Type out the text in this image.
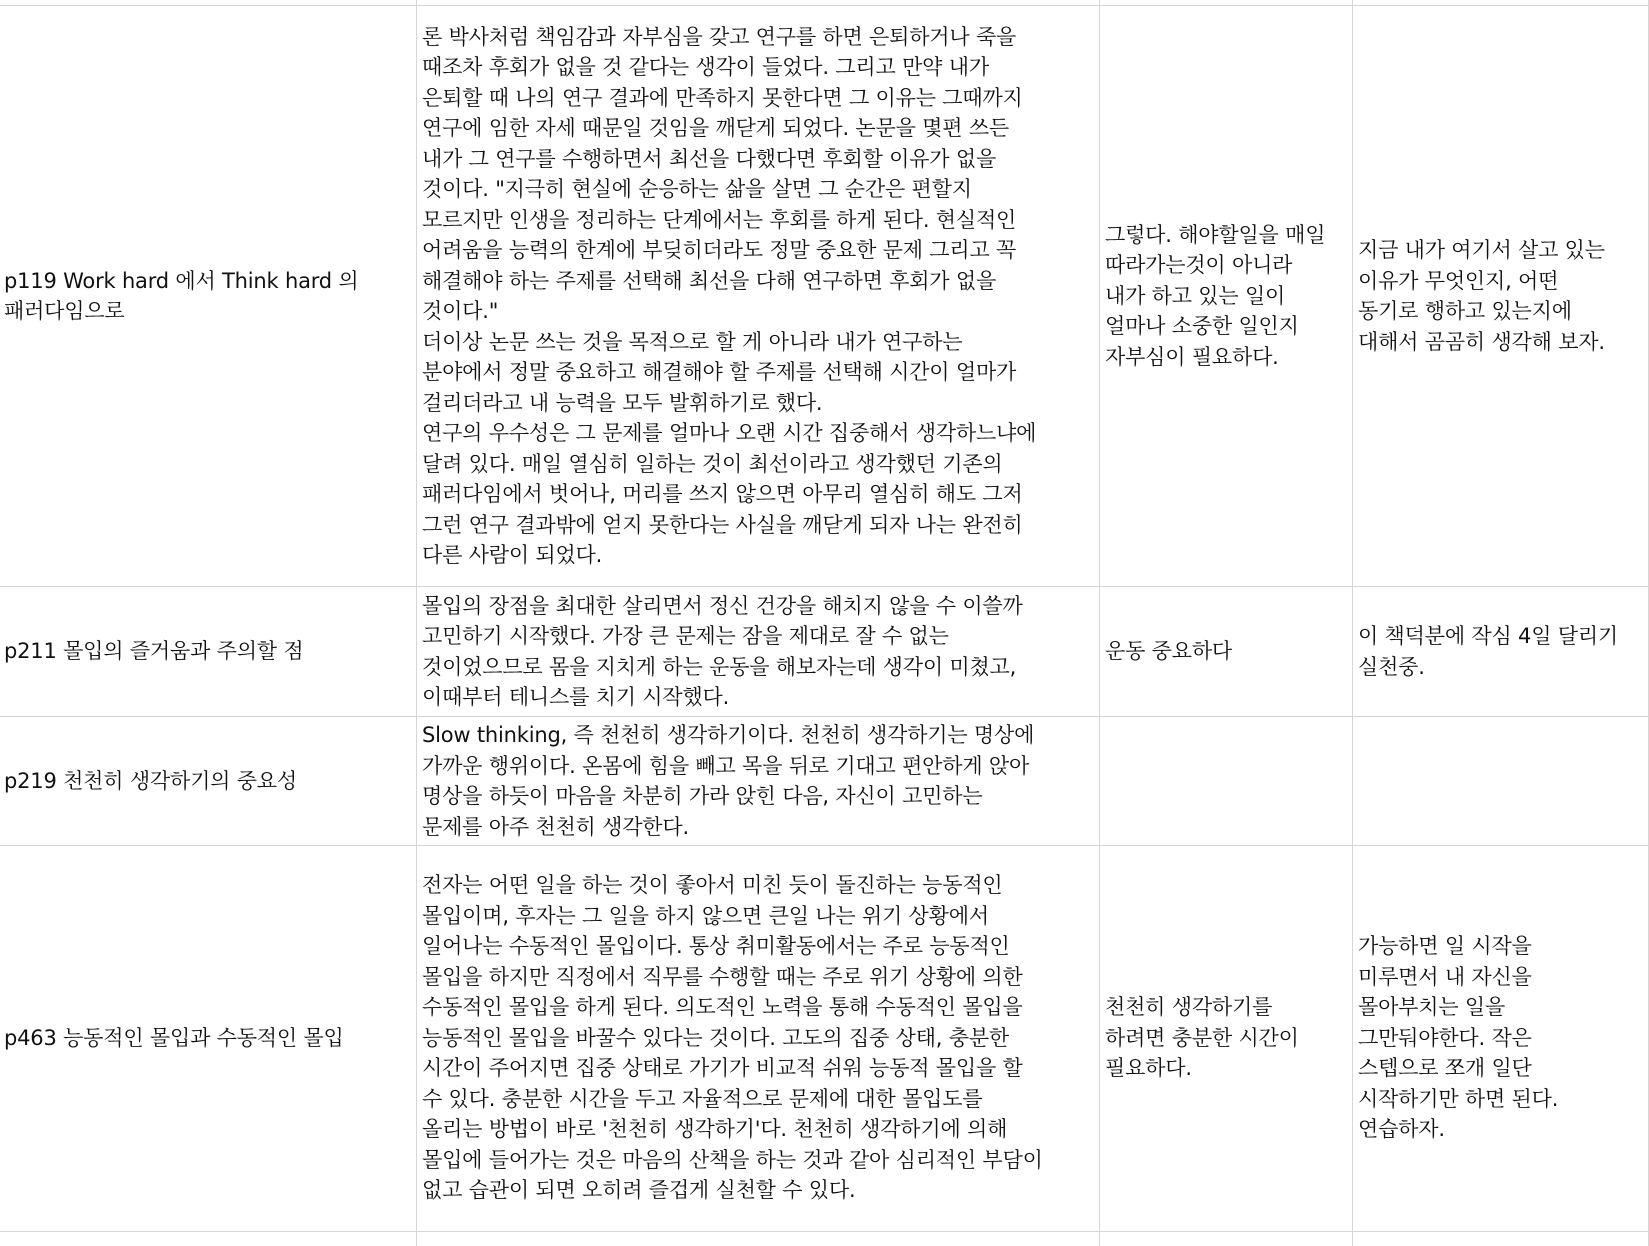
p119 Work hard 에서 Think hard 의
패러다임으로
론 박사처럼 책임감과 자부심을 갖고 연구를 하면 은퇴하거나 죽을
때조차 후회가 없을 것 같다는 생각이 들었다. 그리고 만약 내가
은퇴할 때 나의 연구 결과에 만족하지 못한다면 그 이유는 그때까지
연구에 임한 자세 때문일 것임을 깨닫게 되었다. 논문을 몇편 쓰든
내가 그 연구를 수행하면서 최선을 다했다면 후회할 이유가 없을
것이다. "지극히 현실에 순응하는 삶을 살면 그 순간은 편할지
모르지만 인생을 정리하는 단계에서는 후회를 하게 된다. 현실적인
어려움을 능력의 한계에 부딪히더라도 정말 중요한 문제 그리고 꼭
해결해야 하는 주제를 선택해 최선을 다해 연구하면 후회가 없을
것이다."
더이상 논문 쓰는 것을 목적으로 할 게 아니라 내가 연구하는
분야에서 정말 중요하고 해결해야 할 주제를 선택해 시간이 얼마가
걸리더라고 내 능력을 모두 발휘하기로 했다.
연구의 우수성은 그 문제를 얼마나 오랜 시간 집중해서 생각하느냐에
달려 있다. 매일 열심히 일하는 것이 최선이라고 생각했던 기존의
패러다임에서 벗어나, 머리를 쓰지 않으면 아무리 열심히 해도 그저
그런 연구 결과밖에 얻지 못한다는 사실을 깨닫게 되자 나는 완전히
다른 사람이 되었다.
그렇다. 해야할일을 매일
따라가는것이 아니라
내가 하고 있는 일이
얼마나 소중한 일인지
자부심이 필요하다.
지금 내가 여기서 살고 있는
이유가 무엇인지, 어떤
동기로 행하고 있는지에
대해서 곰곰히 생각해 보자.
p211 몰입의 즐거움과 주의할 점
몰입의 장점을 최대한 살리면서 정신 건강을 해치지 않을 수 이쓸까
고민하기 시작했다. 가장 큰 문제는 잠을 제대로 잘 수 없는
것이었으므로 몸을 지치게 하는 운동을 해보자는데 생각이 미쳤고,
이때부터 테니스를 치기 시작했다.
운동 중요하다
이 책덕분에 작심 4일 달리기
실천중.
p219 천천히 생각하기의 중요성
Slow thinking, 즉 천천히 생각하기이다. 천천히 생각하기는 명상에
가까운 행위이다. 온몸에 힘을 빼고 목을 뒤로 기대고 편안하게 앉아
명상을 하듯이 마음을 차분히 가라 앉힌 다음, 자신이 고민하는
문제를 아주 천천히 생각한다.
p463 능동적인 몰입과 수동적인 몰입
전자는 어떤 일을 하는 것이 좋아서 미친 듯이 돌진하는 능동적인
몰입이며, 후자는 그 일을 하지 않으면 큰일 나는 위기 상황에서
일어나는 수동적인 몰입이다. 통상 취미활동에서는 주로 능동적인
몰입을 하지만 직정에서 직무를 수행할 때는 주로 위기 상황에 의한
수동적인 몰입을 하게 된다. 의도적인 노력을 통해 수동적인 몰입을
능동적인 몰입을 바꿀수 있다는 것이다. 고도의 집중 상태, 충분한
시간이 주어지면 집중 상태로 가기가 비교적 쉬워 능동적 몰입을 할
수 있다. 충분한 시간을 두고 자율적으로 문제에 대한 몰입도를
올리는 방법이 바로 '천천히 생각하기'다. 천천히 생각하기에 의해
몰입에 들어가는 것은 마음의 산책을 하는 것과 같아 심리적인 부담이
없고 습관이 되면 오히려 즐겁게 실천할 수 있다.
천천히 생각하기를
하려면 충분한 시간이
필요하다.
가능하면 일 시작을
미루면서 내 자신을
몰아부치는 일을
그만둬야한다. 작은
스텝으로 쪼개 일단
시작하기만 하면 된다.
연습하자.
